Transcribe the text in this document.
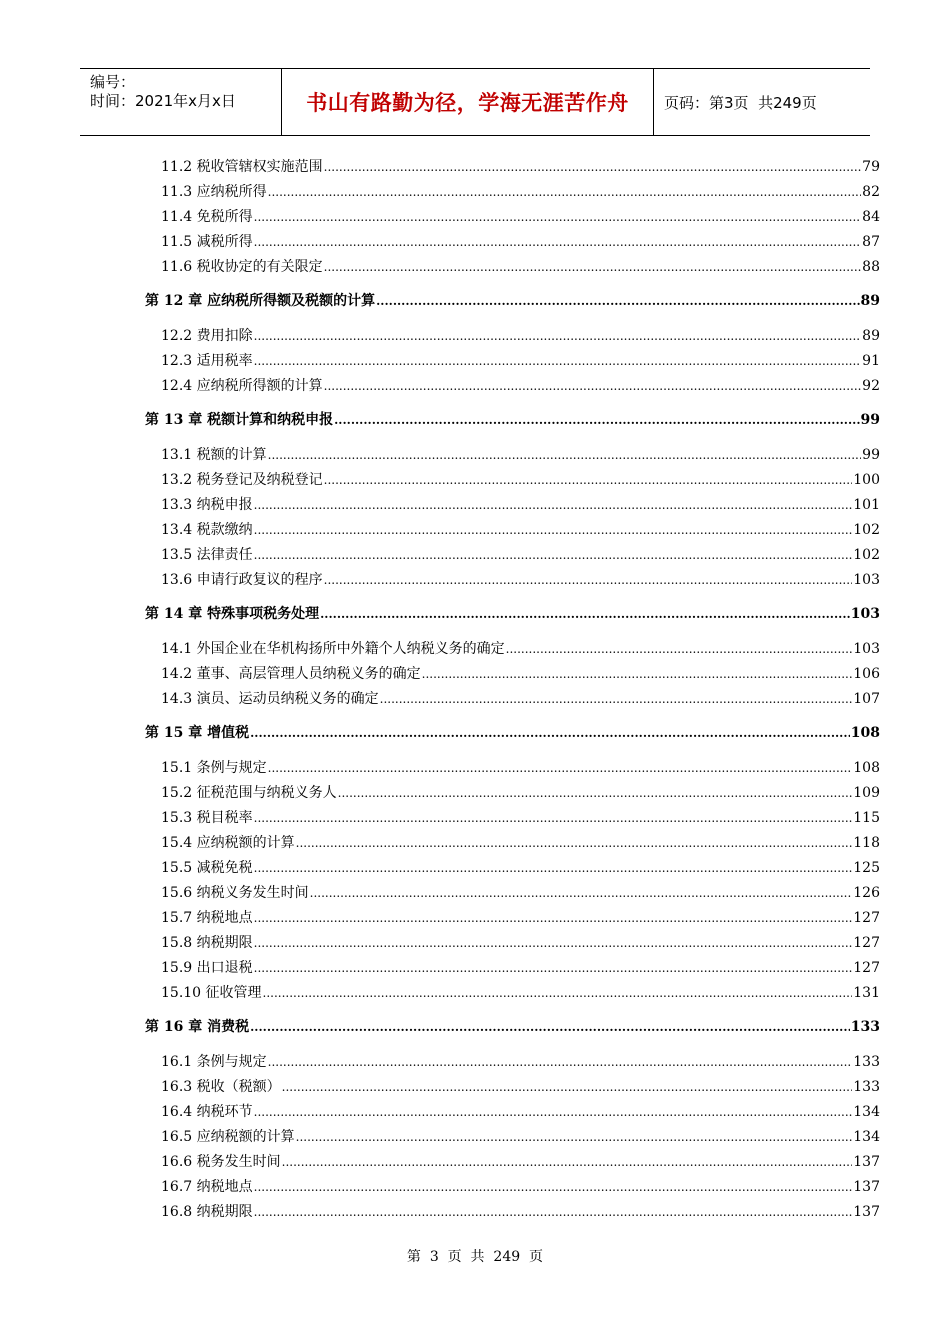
编号：
时间：2021年x月x日	书山有路勤为径，学海无涯苦作舟	页码：第3页  共249页
11.2 税收管辖权实施范围 .....	79
11.3 应纳税所得 .....	82
11.4 免税所得 .....	84
11.5 减税所得 .....	87
11.6 税收协定的有关限定 .....	88
第 12 章 应纳税所得额及税额的计算 .....	89
12.2 费用扣除 .....	89
12.3 适用税率 .....	91
12.4 应纳税所得额的计算 .....	92
第 13 章 税额计算和纳税申报 .....	99
13.1 税额的计算 .....	99
13.2 税务登记及纳税登记 .....	100
13.3 纳税申报 .....	101
13.4 税款缴纳 .....	102
13.5 法律责任 .....	102
13.6 申请行政复议的程序 .....	103
第 14 章 特殊事项税务处理 .....	103
14.1 外国企业在华机构扬所中外籍个人纳税义务的确定 .....	103
14.2 董事、高层管理人员纳税义务的确定 .....	106
14.3 演员、运动员纳税义务的确定 .....	107
第 15 章 增值税 .....	108
15.1 条例与规定 .....	108
15.2 征税范围与纳税义务人 .....	109
15.3 税目税率 .....	115
15.4 应纳税额的计算 .....	118
15.5 减税免税 .....	125
15.6 纳税义务发生时间 .....	126
15.7 纳税地点 .....	127
15.8 纳税期限 .....	127
15.9 出口退税 .....	127
15.10 征收管理 .....	131
第 16 章 消费税 .....	133
16.1 条例与规定 .....	133
16.3 税收（税额） .....	133
16.4 纳税环节 .....	134
16.5 应纳税额的计算 .....	134
16.6 税务发生时间 .....	137
16.7 纳税地点 .....	137
16.8 纳税期限 .....	137
第  3  页  共  249  页
